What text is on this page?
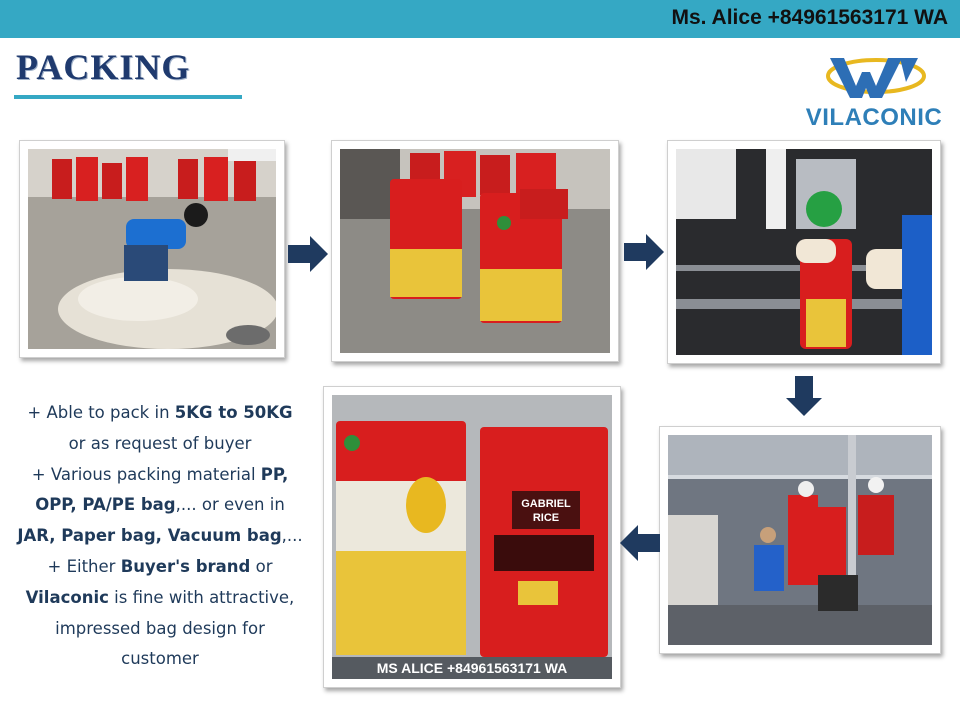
Ms. Alice +84961563171 WA
PACKING
VILACONIC
GABRIEL
RICE
MS ALICE +84961563171 WA
+ Able to pack in 5KG to 50KG
or as request of buyer
+ Various packing material PP,
OPP, PA/PE bag,... or even in
JAR, Paper bag, Vacuum bag,...
+ Either Buyer's brand or
Vilaconic is fine with attractive,
impressed bag design for
customer
